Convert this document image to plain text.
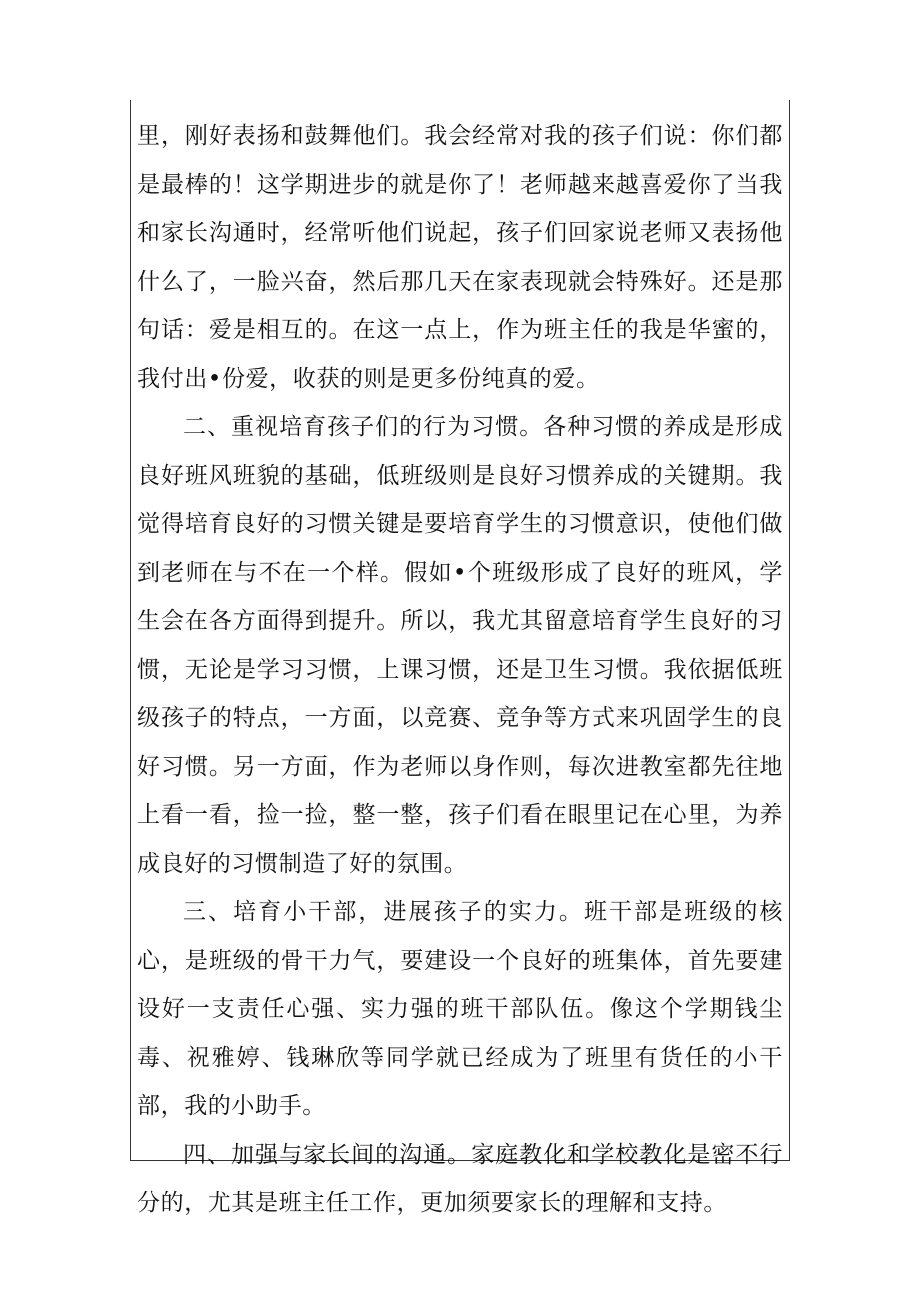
里，刚好表扬和鼓舞他们。我会经常对我的孩子们说：你们都是最棒的！这学期进步的就是你了！老师越来越喜爱你了当我和家长沟通时，经常听他们说起，孩子们回家说老师又表扬他什么了，一脸兴奋，然后那几天在家表现就会特殊好。还是那句话：爱是相互的。在这一点上，作为班主任的我是华蜜的，我付出•份爱，收获的则是更多份纯真的爱。

二、重视培育孩子们的行为习惯。各种习惯的养成是形成良好班风班貌的基础，低班级则是良好习惯养成的关键期。我觉得培育良好的习惯关键是要培育学生的习惯意识，使他们做到老师在与不在一个样。假如•个班级形成了良好的班风，学生会在各方面得到提升。所以，我尤其留意培育学生良好的习惯，无论是学习习惯，上课习惯，还是卫生习惯。我依据低班级孩子的特点，一方面，以竞赛、竞争等方式来巩固学生的良好习惯。另一方面，作为老师以身作则，每次进教室都先往地上看一看，捡一捡，整一整，孩子们看在眼里记在心里，为养成良好的习惯制造了好的氛围。

三、培育小干部，进展孩子的实力。班干部是班级的核心，是班级的骨干力气，要建设一个良好的班集体，首先要建设好一支责任心强、实力强的班干部队伍。像这个学期钱尘毒、祝雅婷、钱琳欣等同学就已经成为了班里有货任的小干部，我的小助手。

四、加强与家长间的沟通。家庭教化和学校教化是密不行分的，尤其是班主任工作，更加须要家长的理解和支持。
